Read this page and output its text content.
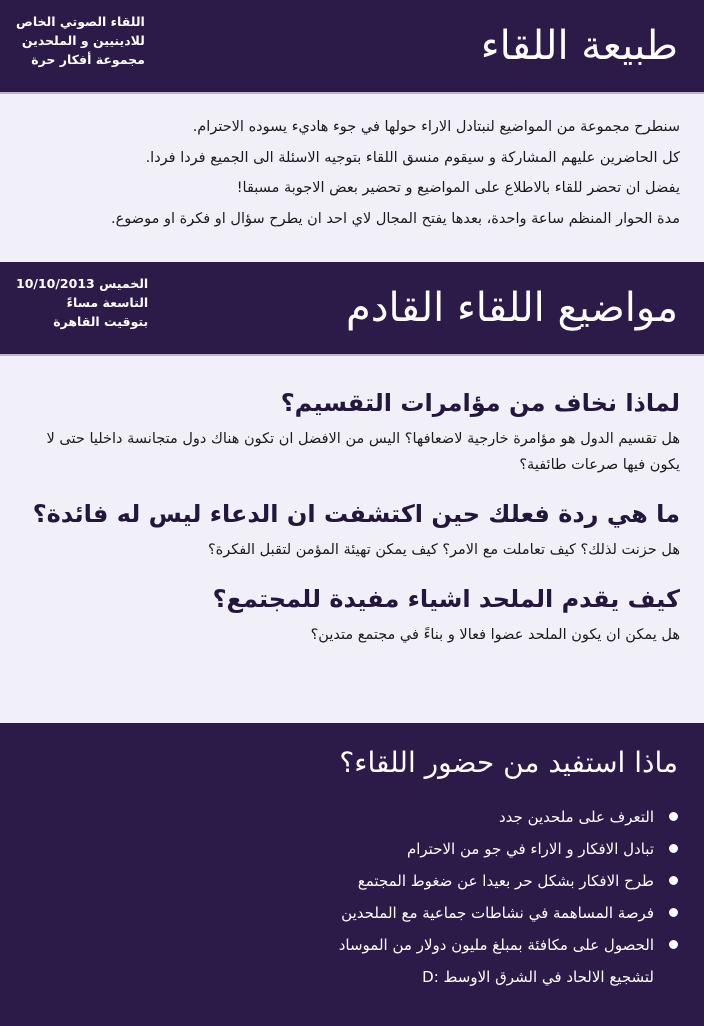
طبيعة اللقاء
اللقاء الصوتي الخاص
للادينيين و الملحدين
مجموعة أفكار حرة

سنطرح مجموعة من المواضيع لنبتادل الاراء حولها في جوء هاديء يسوده الاحترام.

كل الحاضرين عليهم المشاركة و سيقوم منسق اللقاء بتوجيه الاسئلة الى الجميع فردا فردا.

يفضل ان تحضر للقاء بالاطلاع على المواضيع و تحضير بعض الاجوبة مسبقا!

مدة الحوار المنظم ساعة واحدة، بعدها يفتح المجال لاي احد ان يطرح سؤال او فكرة او موضوع.

مواضيع اللقاء القادم
الخميس 10/10/2013
التاسعة مساءً
بتوقيت القاهرة
لماذا نخاف من مؤامرات التقسيم؟

هل تقسيم الدول هو مؤامرة خارجية لاضعافها؟ اليس من الافضل ان تكون هناك دول متجانسة داخليا حتى لا يكون فيها صرعات طائفية؟

ما هي ردة فعلك حين اكتشفت ان الدعاء ليس له فائدة؟

هل حزنت لذلك؟ كيف تعاملت مع الامر؟ كيف يمكن تهيئة المؤمن لتقبل الفكرة؟

كيف يقدم الملحد اشياء مفيدة للمجتمع؟

هل يمكن ان يكون الملحد عضوا فعالا و بناءً في مجتمع متدين؟

ماذا استفيد من حضور اللقاء؟
التعرف على ملحدين جدد
تبادل الافكار و الاراء في جو من الاحترام
طرح الافكار بشكل حر بعيدا عن ضغوط المجتمع
فرصة المساهمة في نشاطات جماعية مع الملحدين
الحصول على مكافئة بمبلغ مليون دولار من الموساد
لتشجيع الالحاد في الشرق الاوسط :D
